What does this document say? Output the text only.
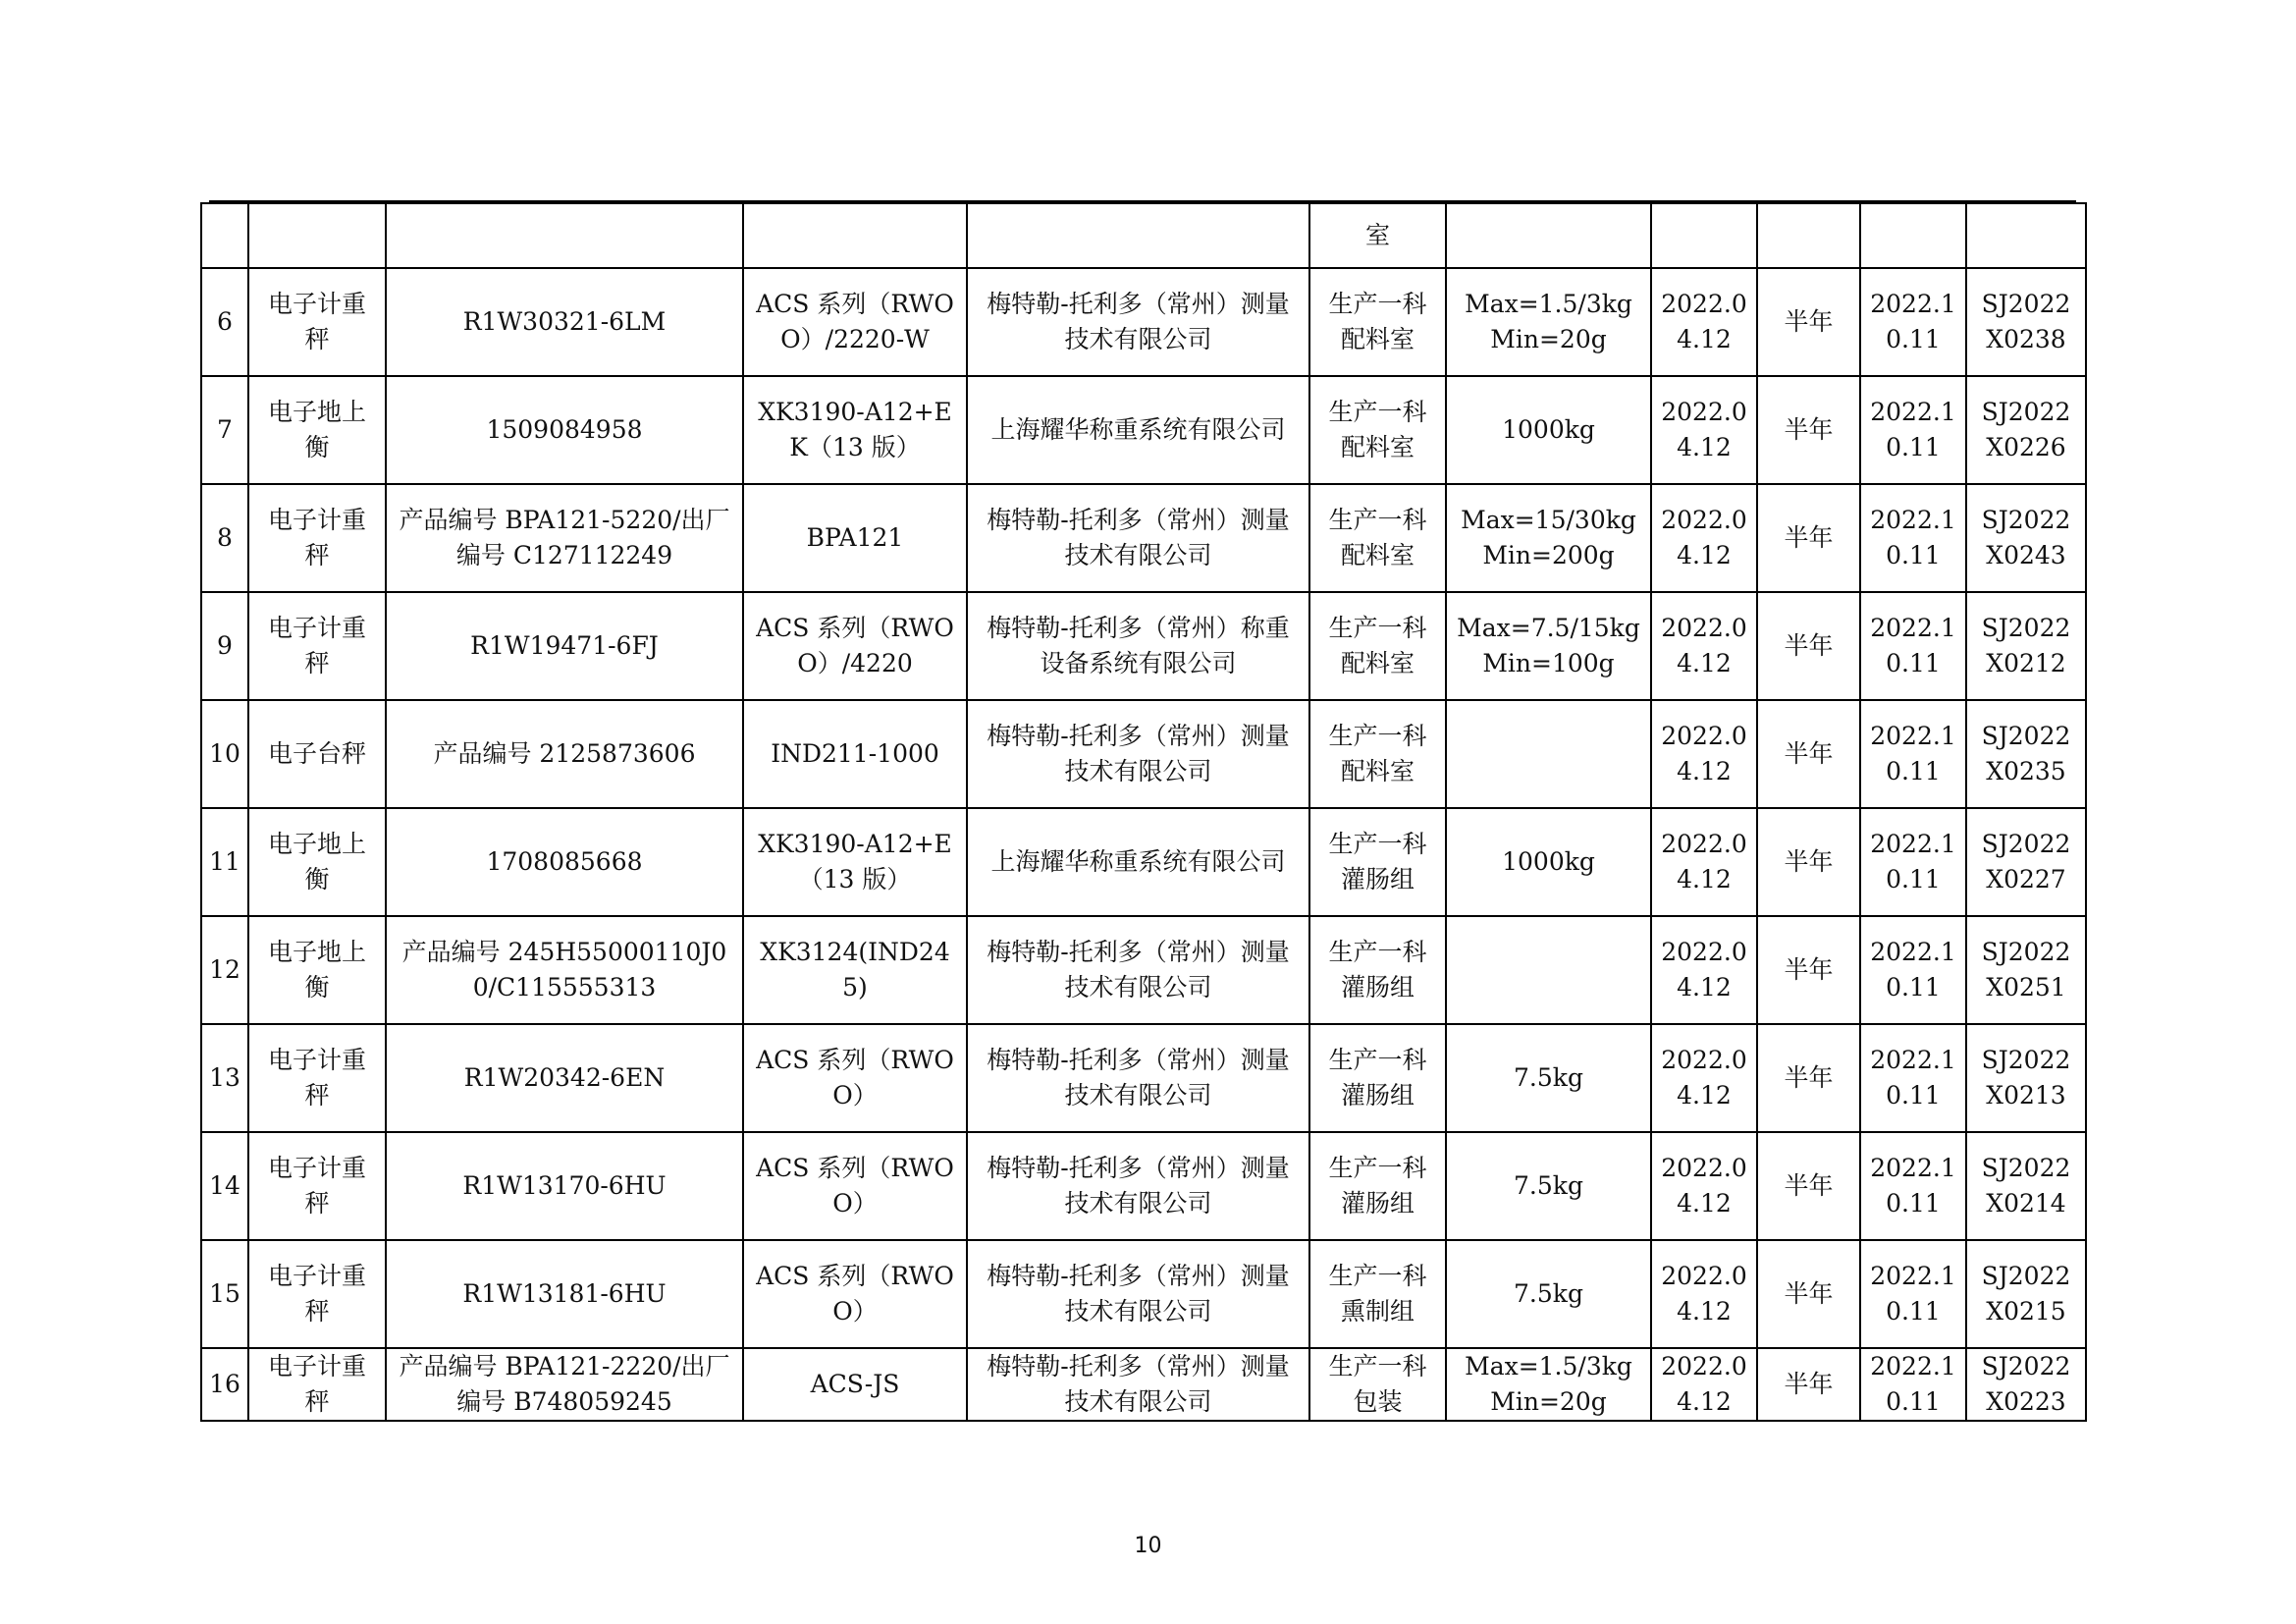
					室					
6	电子计重秤	R1W30321-6LM	ACS 系列（RWOO）/2220-W	梅特勒-托利多（常州）测量技术有限公司	生产一科配料室	Max=1.5/3kg Min=20g	2022.04.12	半年	2022.10.11	SJ2022X0238
7	电子地上衡	1509084958	XK3190-A12+EK（13 版）	上海耀华称重系统有限公司	生产一科配料室	1000kg	2022.04.12	半年	2022.10.11	SJ2022X0226
8	电子计重秤	产品编号 BPA121-5220/出厂编号 C127112249	BPA121	梅特勒-托利多（常州）测量技术有限公司	生产一科配料室	Max=15/30kg Min=200g	2022.04.12	半年	2022.10.11	SJ2022X0243
9	电子计重秤	R1W19471-6FJ	ACS 系列（RWOO）/4220	梅特勒-托利多（常州）称重设备系统有限公司	生产一科配料室	Max=7.5/15kg Min=100g	2022.04.12	半年	2022.10.11	SJ2022X0212
10	电子台秤	产品编号 2125873606	IND211-1000	梅特勒-托利多（常州）测量技术有限公司	生产一科配料室		2022.04.12	半年	2022.10.11	SJ2022X0235
11	电子地上衡	1708085668	XK3190-A12+E（13 版）	上海耀华称重系统有限公司	生产一科灌肠组	1000kg	2022.04.12	半年	2022.10.11	SJ2022X0227
12	电子地上衡	产品编号 245H55000110J00/C115555313	XK3124(IND245)	梅特勒-托利多（常州）测量技术有限公司	生产一科灌肠组		2022.04.12	半年	2022.10.11	SJ2022X0251
13	电子计重秤	R1W20342-6EN	ACS 系列（RWOO）	梅特勒-托利多（常州）测量技术有限公司	生产一科灌肠组	7.5kg	2022.04.12	半年	2022.10.11	SJ2022X0213
14	电子计重秤	R1W13170-6HU	ACS 系列（RWOO）	梅特勒-托利多（常州）测量技术有限公司	生产一科灌肠组	7.5kg	2022.04.12	半年	2022.10.11	SJ2022X0214
15	电子计重秤	R1W13181-6HU	ACS 系列（RWOO）	梅特勒-托利多（常州）测量技术有限公司	生产一科熏制组	7.5kg	2022.04.12	半年	2022.10.11	SJ2022X0215
16	电子计重秤	产品编号 BPA121-2220/出厂编号 B748059245	ACS-JS	梅特勒-托利多（常州）测量技术有限公司	生产一科包装	Max=1.5/3kg Min=20g	2022.04.12	半年	2022.10.11	SJ2022X0223
10
